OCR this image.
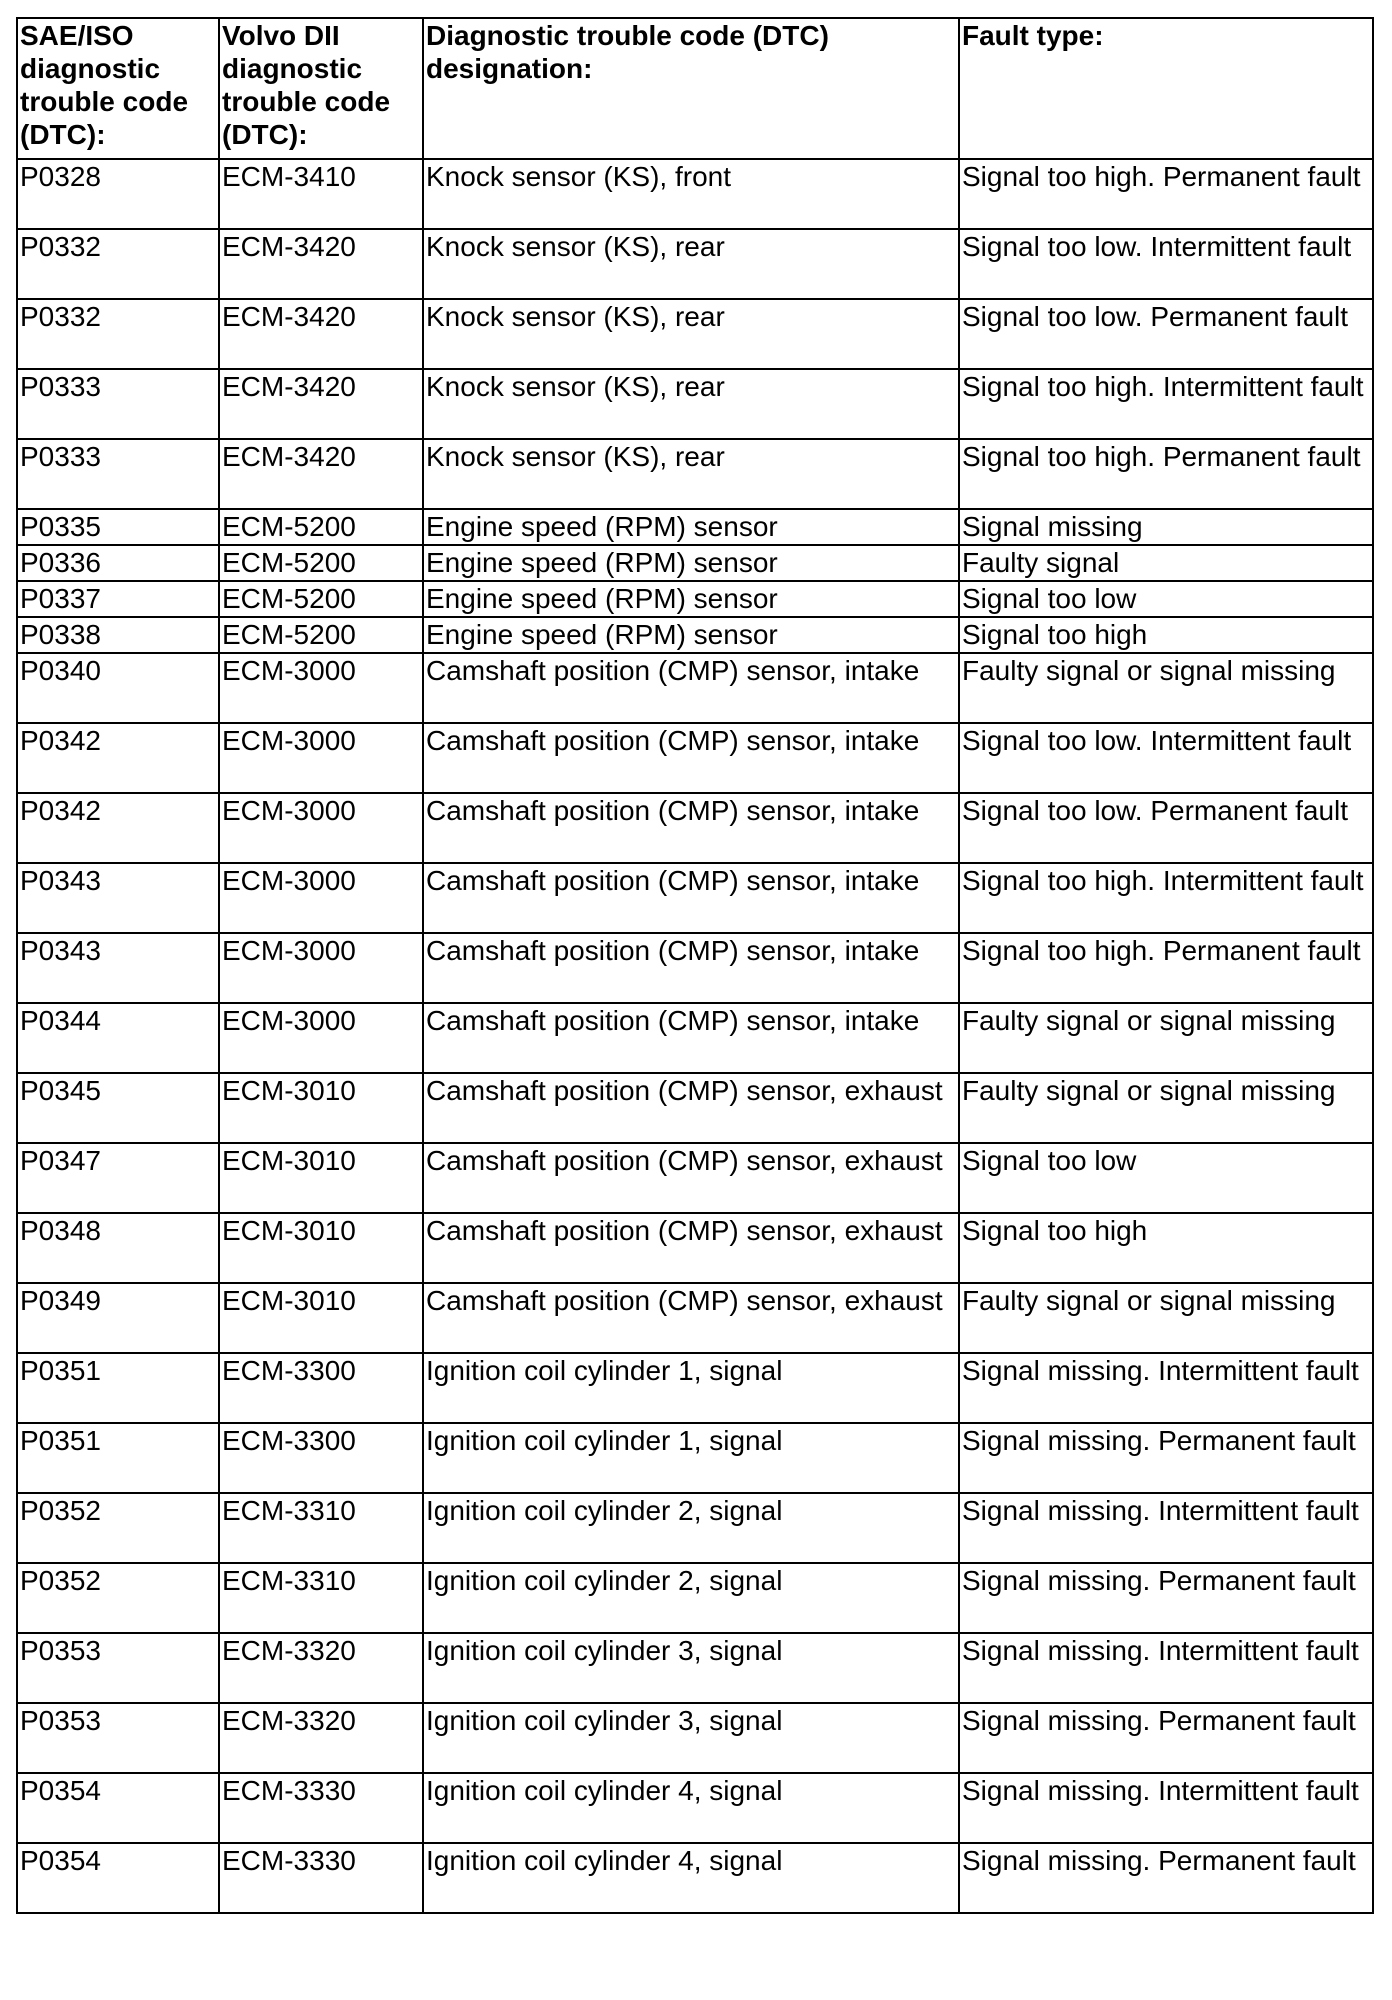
SAE/ISO diagnostic trouble code (DTC):	Volvo DII diagnostic trouble code (DTC):	Diagnostic trouble code (DTC) designation:	Fault type:
P0328	ECM-3410	Knock sensor (KS), front	Signal too high. Permanent fault
P0332	ECM-3420	Knock sensor (KS), rear	Signal too low. Intermittent fault
P0332	ECM-3420	Knock sensor (KS), rear	Signal too low. Permanent fault
P0333	ECM-3420	Knock sensor (KS), rear	Signal too high. Intermittent fault
P0333	ECM-3420	Knock sensor (KS), rear	Signal too high. Permanent fault
P0335	ECM-5200	Engine speed (RPM) sensor	Signal missing
P0336	ECM-5200	Engine speed (RPM) sensor	Faulty signal
P0337	ECM-5200	Engine speed (RPM) sensor	Signal too low
P0338	ECM-5200	Engine speed (RPM) sensor	Signal too high
P0340	ECM-3000	Camshaft position (CMP) sensor, intake	Faulty signal or signal missing
P0342	ECM-3000	Camshaft position (CMP) sensor, intake	Signal too low. Intermittent fault
P0342	ECM-3000	Camshaft position (CMP) sensor, intake	Signal too low. Permanent fault
P0343	ECM-3000	Camshaft position (CMP) sensor, intake	Signal too high. Intermittent fault
P0343	ECM-3000	Camshaft position (CMP) sensor, intake	Signal too high. Permanent fault
P0344	ECM-3000	Camshaft position (CMP) sensor, intake	Faulty signal or signal missing
P0345	ECM-3010	Camshaft position (CMP) sensor, exhaust	Faulty signal or signal missing
P0347	ECM-3010	Camshaft position (CMP) sensor, exhaust	Signal too low
P0348	ECM-3010	Camshaft position (CMP) sensor, exhaust	Signal too high
P0349	ECM-3010	Camshaft position (CMP) sensor, exhaust	Faulty signal or signal missing
P0351	ECM-3300	Ignition coil cylinder 1, signal	Signal missing. Intermittent fault
P0351	ECM-3300	Ignition coil cylinder 1, signal	Signal missing. Permanent fault
P0352	ECM-3310	Ignition coil cylinder 2, signal	Signal missing. Intermittent fault
P0352	ECM-3310	Ignition coil cylinder 2, signal	Signal missing. Permanent fault
P0353	ECM-3320	Ignition coil cylinder 3, signal	Signal missing. Intermittent fault
P0353	ECM-3320	Ignition coil cylinder 3, signal	Signal missing. Permanent fault
P0354	ECM-3330	Ignition coil cylinder 4, signal	Signal missing. Intermittent fault
P0354	ECM-3330	Ignition coil cylinder 4, signal	Signal missing. Permanent fault
